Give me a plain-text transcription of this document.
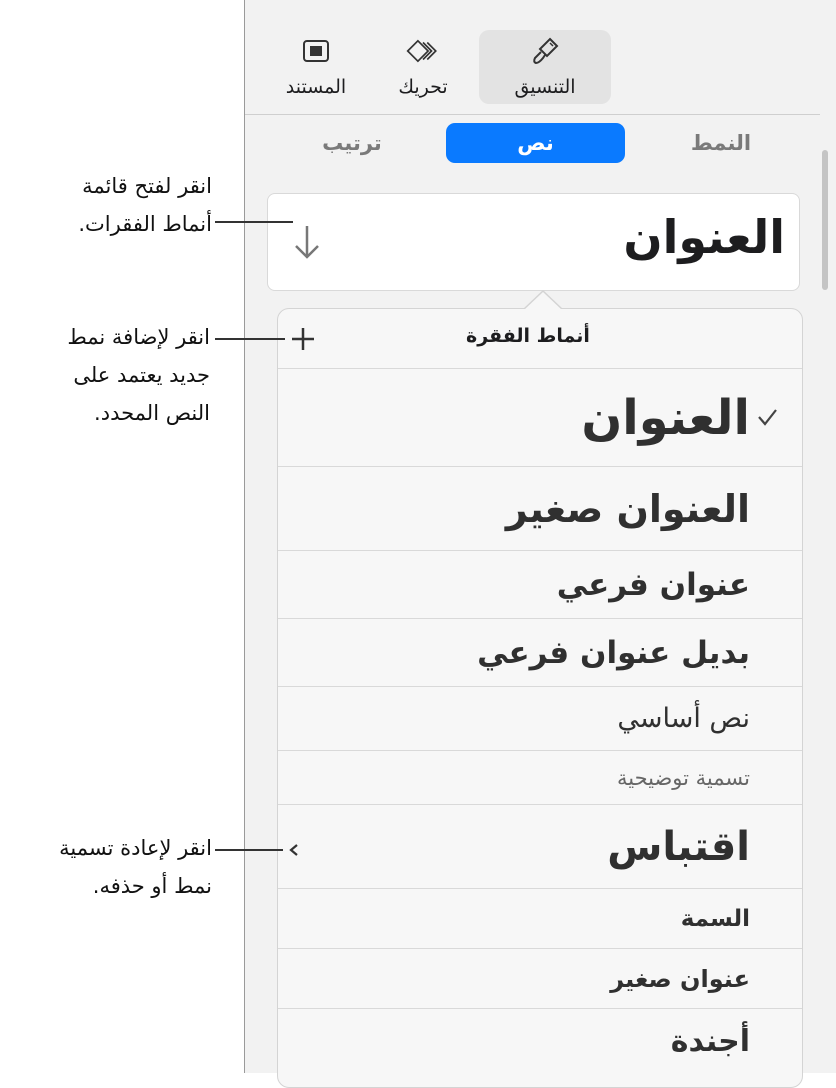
المستند	تحريك	التنسيق
ترتيب	نص	النمط
العنوان
أنماط الفقرة
العنوان
العنوان صغير
عنوان فرعي
بديل عنوان فرعي
نص أساسي
تسمية توضيحية
اقتباس
السمة
عنوان صغير
أجندة
انقر لفتح قائمة
أنماط الفقرات.
انقر لإضافة نمط
جديد يعتمد على
النص المحدد.
انقر لإعادة تسمية
نمط أو حذفه.
